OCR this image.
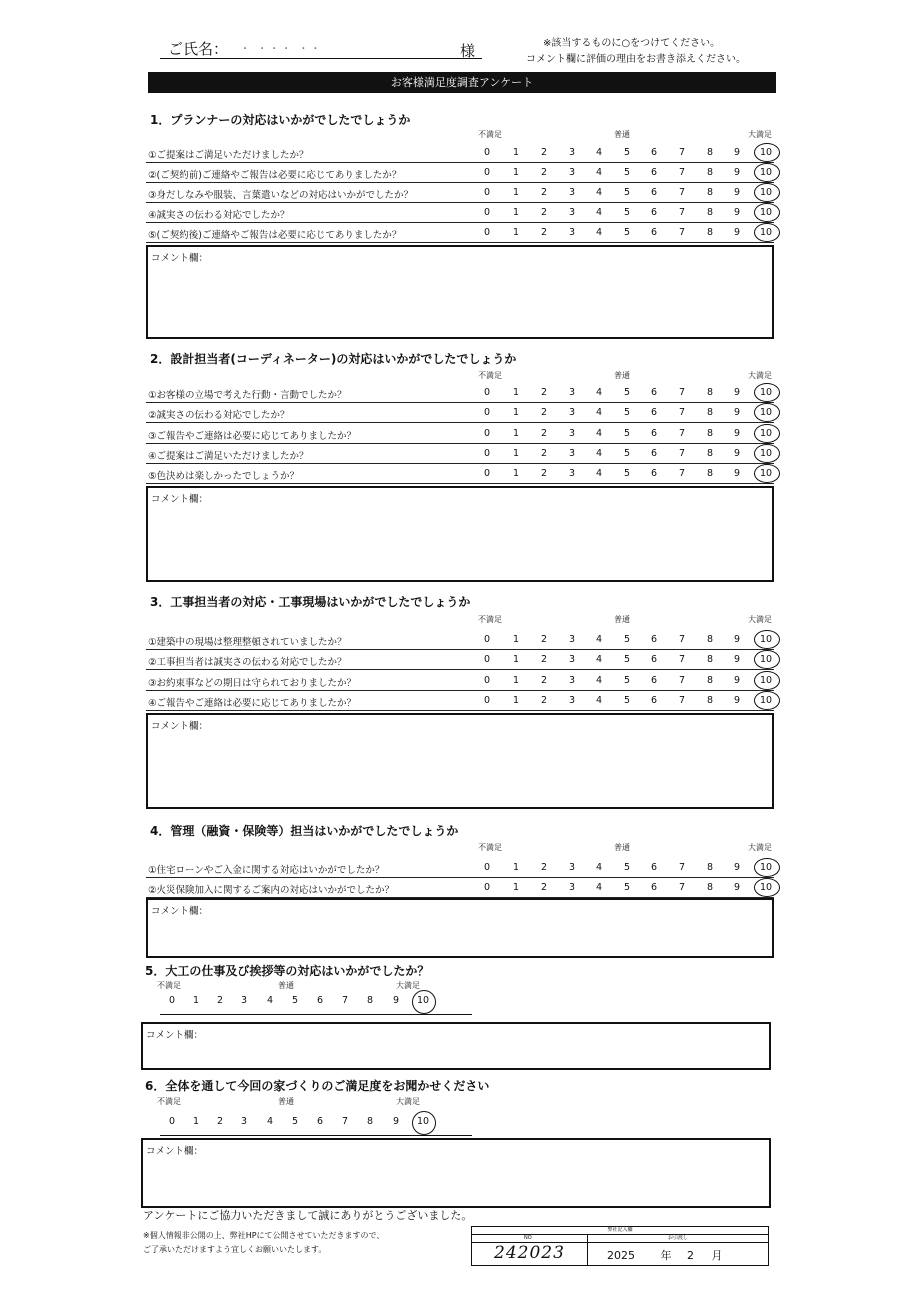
ご氏名： ・ ・・・ ・・	様	※該当するものに○をつけてください。
コメント欄に評価の理由をお書き添えください。
お客様満足度調査アンケート
1．プランナーの対応はいかがでしたでしょうか
不満足	普通	大満足
①ご提案はご満足いただけましたか？	0	1	2	3	4	5	6	7	8	9	10
②(ご契約前)ご連絡やご報告は必要に応じてありましたか？	0	1	2	3	4	5	6	7	8	9	10
③身だしなみや服装、言葉遣いなどの対応はいかがでしたか？	0	1	2	3	4	5	6	7	8	9	10
④誠実さの伝わる対応でしたか？	0	1	2	3	4	5	6	7	8	9	10
⑤(ご契約後)ご連絡やご報告は必要に応じてありましたか？	0	1	2	3	4	5	6	7	8	9	10
コメント欄：
2．設計担当者(コーディネーター)の対応はいかがでしたでしょうか
不満足	普通	大満足
①お客様の立場で考えた行動・言動でしたか？	0	1	2	3	4	5	6	7	8	9	10
②誠実さの伝わる対応でしたか？	0	1	2	3	4	5	6	7	8	9	10
③ご報告やご連絡は必要に応じてありましたか？	0	1	2	3	4	5	6	7	8	9	10
④ご提案はご満足いただけましたか？	0	1	2	3	4	5	6	7	8	9	10
⑤色決めは楽しかったでしょうか？	0	1	2	3	4	5	6	7	8	9	10
コメント欄：
3．工事担当者の対応・工事現場はいかがでしたでしょうか
不満足	普通	大満足
①建築中の現場は整理整頓されていましたか？	0	1	2	3	4	5	6	7	8	9	10
②工事担当者は誠実さの伝わる対応でしたか？	0	1	2	3	4	5	6	7	8	9	10
③お約束事などの期日は守られておりましたか？	0	1	2	3	4	5	6	7	8	9	10
④ご報告やご連絡は必要に応じてありましたか？	0	1	2	3	4	5	6	7	8	9	10
コメント欄：
4．管理（融資・保険等）担当はいかがでしたでしょうか
不満足	普通	大満足
①住宅ローンやご入金に関する対応はいかがでしたか？	0	1	2	3	4	5	6	7	8	9	10
②火災保険加入に関するご案内の対応はいかがでしたか？	0	1	2	3	4	5	6	7	8	9	10
コメント欄：
5．大工の仕事及び挨拶等の対応はいかがでしたか？
不満足	普通	大満足
0	1	2	3	4	5	6	7	8	9	10
コメント欄：
6．全体を通して今回の家づくりのご満足度をお聞かせください
不満足	普通	大満足
0	1	2	3	4	5	6	7	8	9	10
コメント欄：
アンケートにご協力いただきまして誠にありがとうございました。
※個人情報非公開の上、弊社HPにて公開させていただきますので、
ご了承いただけますよう宜しくお願いいたします。
弊社記入欄
NO	お引渡し
242023	2025 年 2 月
